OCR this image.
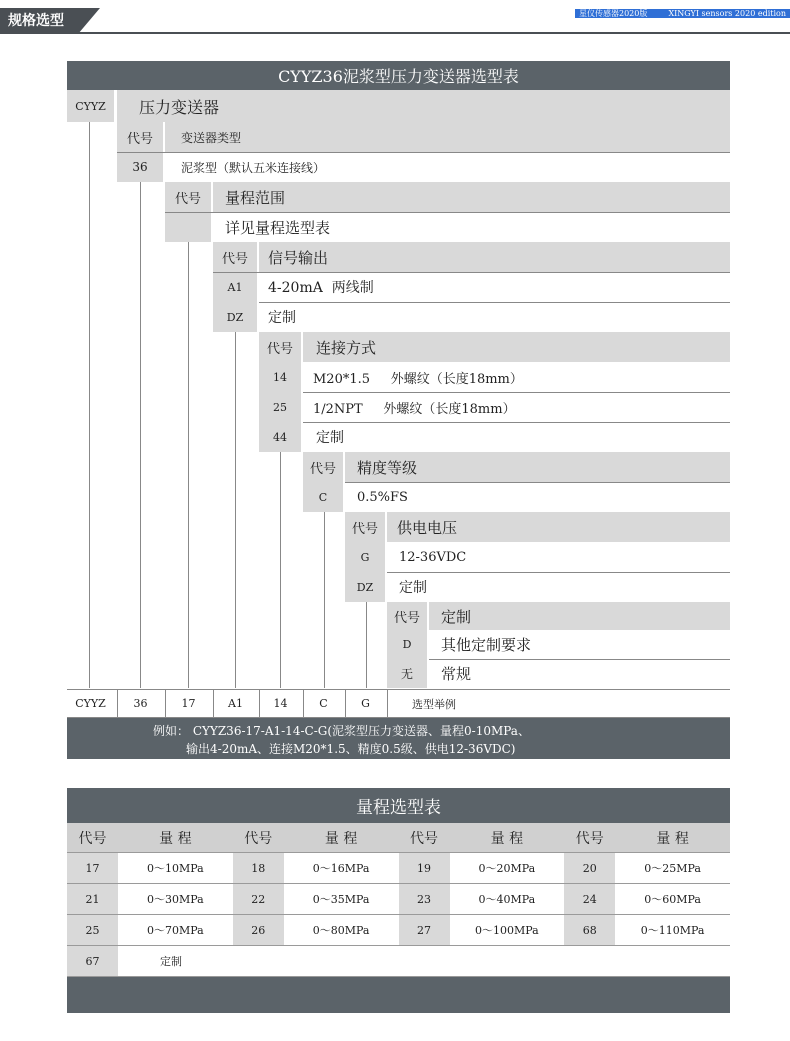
规格选型	星仪传感器2020版	XINGYI sensors 2020 edition
CYYZ36泥浆型压力变送器选型表
CYYZ	压力变送器
代号	变送器类型
36	泥浆型（默认五米连接线）
代号	量程范围
详见量程选型表
代号	信号输出
A1	4-20mA  两线制
DZ	定制
代号	连接方式
14	M20*1.5     外螺纹（长度18mm）
25	1/2NPT     外螺纹（长度18mm）
44	定制
代号	精度等级
C	0.5%FS
代号	供电电压
G	12-36VDC
DZ	定制
代号	定制
D	其他定制要求
无	常规
CYYZ	36	17	A1	14	C	G	选型举例
例如： CYYZ36-17-A1-14-C-G(泥浆型压力变送器、量程0-10MPa、
输出4-20mA、连接M20*1.5、精度0.5级、供电12-36VDC)
量程选型表
代号	量 程	代号	量 程	代号	量 程	代号	量 程
17	0～10MPa	18	0～16MPa	19	0～20MPa	20	0～25MPa
21	0～30MPa	22	0～35MPa	23	0～40MPa	24	0～60MPa
25	0～70MPa	26	0～80MPa	27	0～100MPa	68	0～110MPa
67	定制
